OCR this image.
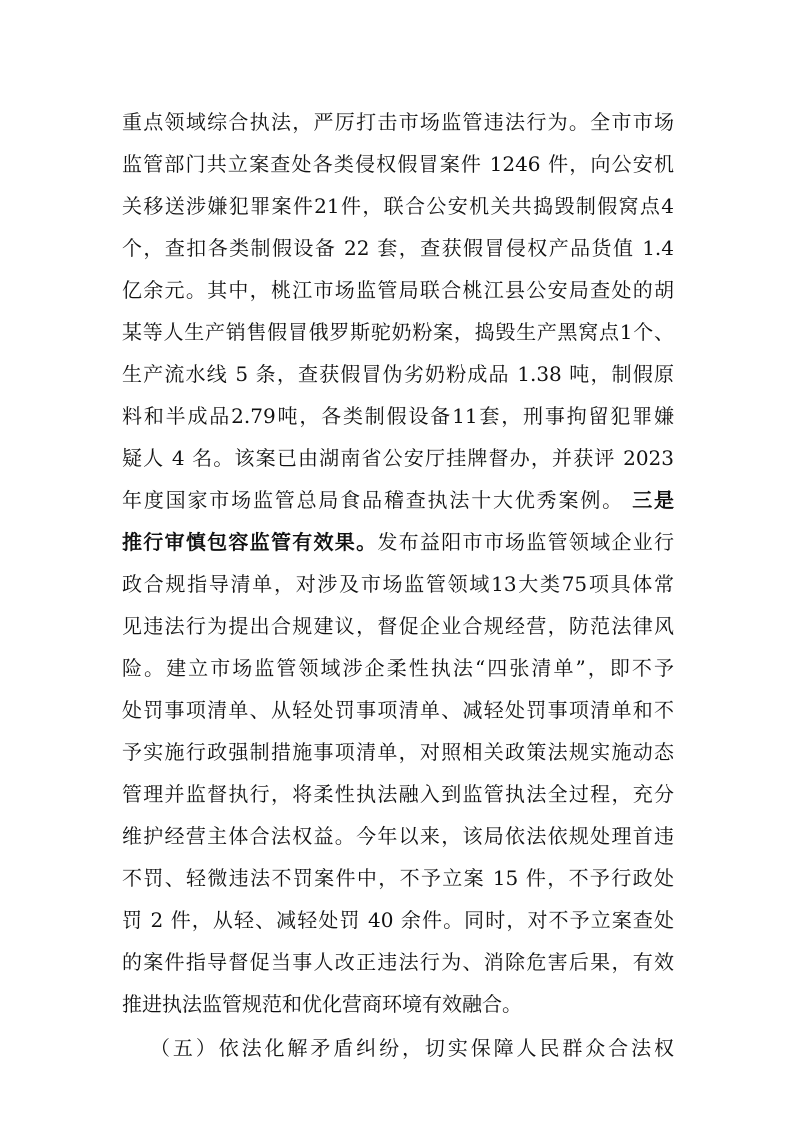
重点领域综合执法，严厉打击市场监管违法行为。全市市场
监管部门共立案查处各类侵权假冒案件 1246 件，向公安机
关移送涉嫌犯罪案件21件，联合公安机关共捣毁制假窝点4
个，查扣各类制假设备 22 套，查获假冒侵权产品货值 1.4
亿余元。其中，桃江市场监管局联合桃江县公安局查处的胡
某等人生产销售假冒俄罗斯驼奶粉案，捣毁生产黑窝点1个、
生产流水线 5 条，查获假冒伪劣奶粉成品 1.38 吨，制假原
料和半成品2.79吨，各类制假设备11套，刑事拘留犯罪嫌
疑人 4 名。该案已由湖南省公安厅挂牌督办，并获评 2023
年度国家市场监管总局食品稽查执法十大优秀案例。 三是
推行审慎包容监管有效果。发布益阳市市场监管领域企业行
政合规指导清单，对涉及市场监管领域13大类75项具体常
见违法行为提出合规建议，督促企业合规经营，防范法律风
险。建立市场监管领域涉企柔性执法“四张清单”，即不予
处罚事项清单、从轻处罚事项清单、减轻处罚事项清单和不
予实施行政强制措施事项清单，对照相关政策法规实施动态
管理并监督执行，将柔性执法融入到监管执法全过程，充分
维护经营主体合法权益。今年以来，该局依法依规处理首违
不罚、轻微违法不罚案件中，不予立案 15 件，不予行政处
罚 2 件，从轻、减轻处罚 40 余件。同时，对不予立案查处
的案件指导督促当事人改正违法行为、消除危害后果，有效
推进执法监管规范和优化营商环境有效融合。
（五）依法化解矛盾纠纷，切实保障人民群众合法权
